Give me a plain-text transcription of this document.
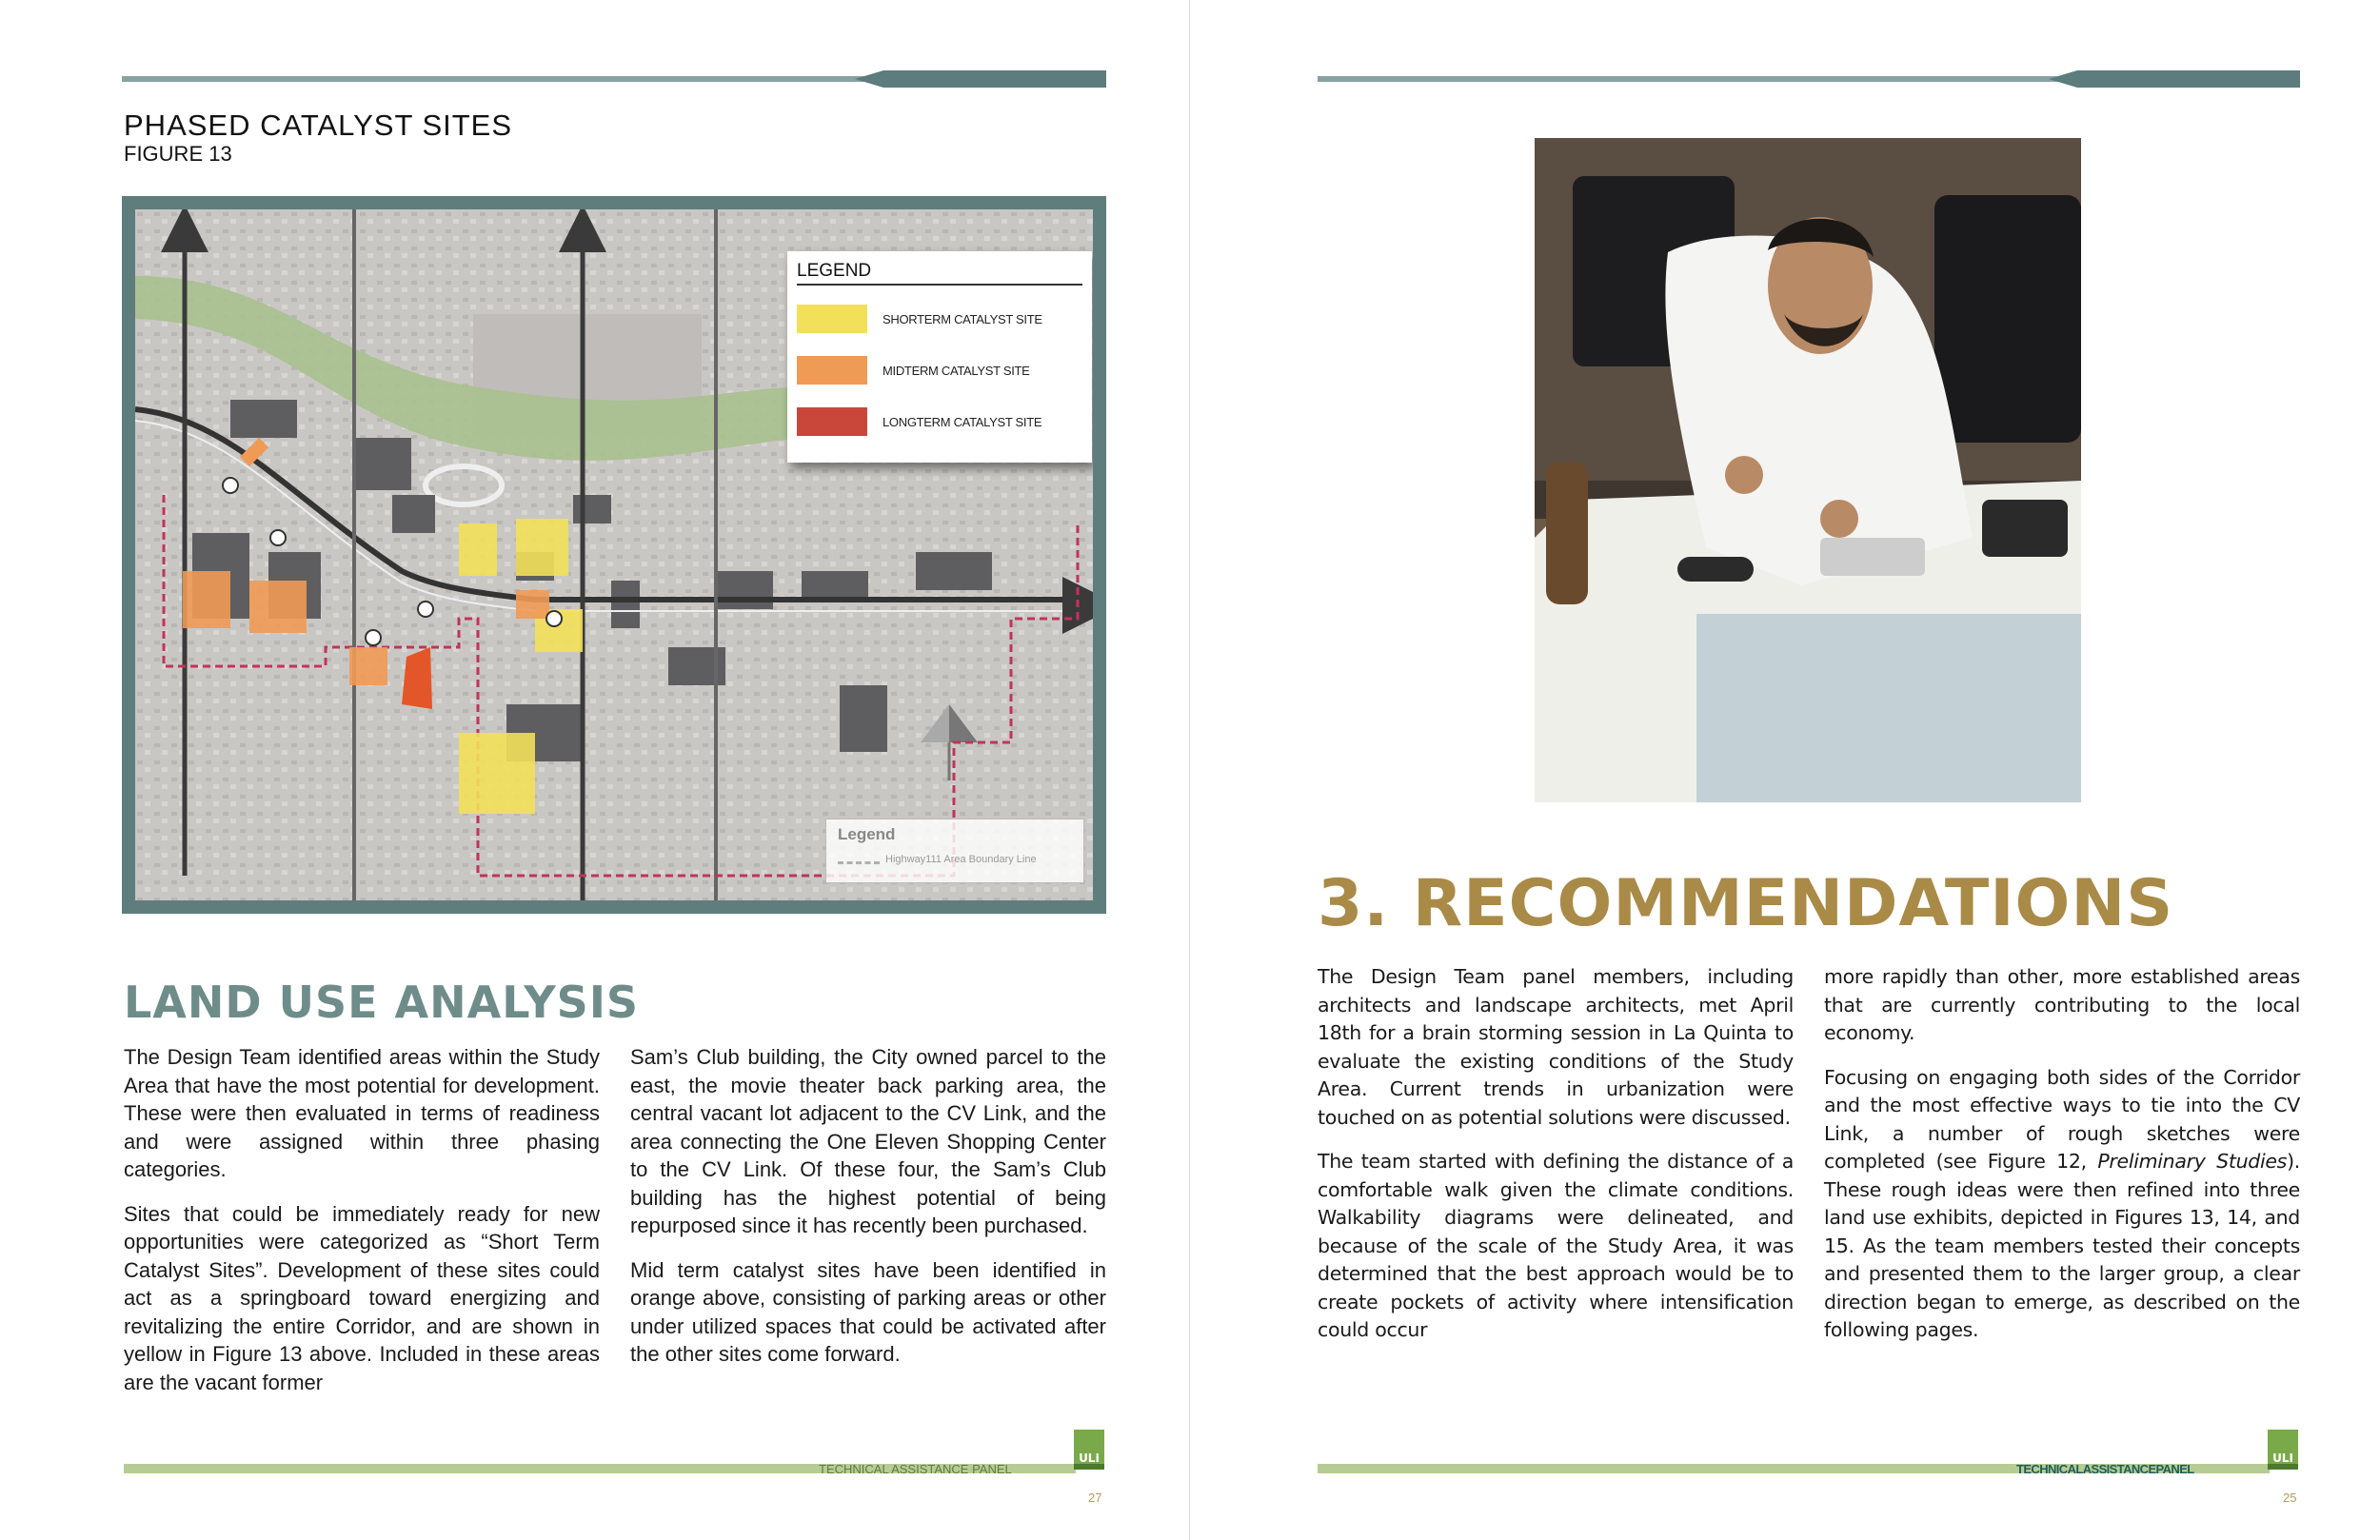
PHASED CATALYST SITES
FIGURE 13
LEGEND
SHORTERM CATALYST SITE
MIDTERM CATALYST SITE
LONGTERM CATALYST SITE
Legend
Highway111 Area Boundary Line
LAND USE ANALYSIS

The Design Team identified areas within the Study Area that have the most potential for development. These were then evaluated in terms of readiness and were assigned within three phasing categories.

Sites that could be immediately ready for new opportunities were categorized as “Short Term Catalyst Sites”. Development of these sites could act as a springboard toward energizing and revitalizing the entire Corridor, and are shown in yellow in Figure 13 above. Included in these areas are the vacant former

Sam’s Club building, the City owned parcel to the east, the movie theater back parking area, the central vacant lot adjacent to the CV Link, and the area connecting the One Eleven Shopping Center to the CV Link. Of these four, the Sam’s Club building has the highest potential of being repurposed since it has recently been purchased.

Mid term catalyst sites have been identified in orange above, consisting of parking areas or other under utilized spaces that could be activated after the other sites come forward.

ULI
TECHNICAL ASSISTANCE PANEL
27
3. RECOMMENDATIONS

The Design Team panel members, including architects and landscape architects, met April 18th for a brain storming session in La Quinta to evaluate the existing conditions of the Study Area. Current trends in urbanization were touched on as potential solutions were discussed.

The team started with defining the distance of a comfortable walk given the climate conditions. Walkability diagrams were delineated, and because of the scale of the Study Area, it was determined that the best approach would be to create pockets of activity where intensification could occur

more rapidly than other, more established areas that are currently contributing to the local economy.

Focusing on engaging both sides of the Corridor and the most effective ways to tie into the CV Link, a number of rough sketches were completed (see Figure 12, Preliminary Studies). These rough ideas were then refined into three land use exhibits, depicted in Figures 13, 14, and 15. As the team members tested their concepts and presented them to the larger group, a clear direction began to emerge, as described on the following pages.

ULI
TECHNICALASSISTANCEPANEL
25
